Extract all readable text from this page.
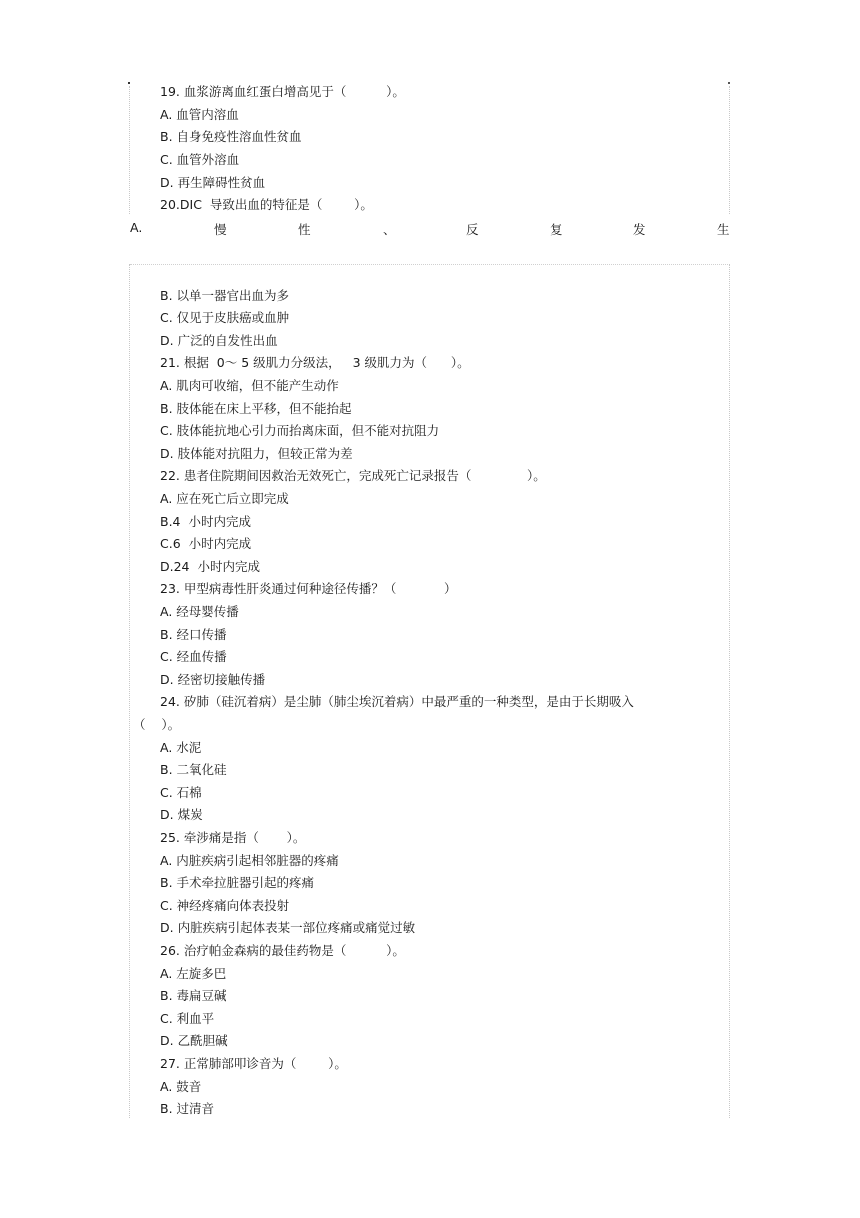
19. 血浆游离血红蛋白增高见于（          ）。
A. 血管内溶血
B. 自身免疫性溶血性贫血
C. 血管外溶血
D. 再生障碍性贫血
20.DIC  导致出血的特征是（        ）。
A.	慢	性	、	反	复	发	生
B. 以单一器官出血为多
C. 仅见于皮肤癌或血肿
D. 广泛的自发性出血
21. 根据  0～ 5 级肌力分级法，   3 级肌力为（      ）。
A. 肌肉可收缩，但不能产生动作
B. 肢体能在床上平移，但不能抬起
C. 肢体能抗地心引力而抬离床面，但不能对抗阻力
D. 肢体能对抗阻力，但较正常为差
22. 患者住院期间因救治无效死亡，完成死亡记录报告（              ）。
A. 应在死亡后立即完成
B.4  小时内完成
C.6  小时内完成
D.24  小时内完成
23. 甲型病毒性肝炎通过何种途径传播？（            ）
A. 经母婴传播
B. 经口传播
C. 经血传播
D. 经密切接触传播
24. 矽肺（硅沉着病）是尘肺（肺尘埃沉着病）中最严重的一种类型，是由于长期吸入
（    ）。
A. 水泥
B. 二氧化硅
C. 石棉
D. 煤炭
25. 牵涉痛是指（       ）。
A. 内脏疾病引起相邻脏器的疼痛
B. 手术牵拉脏器引起的疼痛
C. 神经疼痛向体表投射
D. 内脏疾病引起体表某一部位疼痛或痛觉过敏
26. 治疗帕金森病的最佳药物是（          ）。
A. 左旋多巴
B. 毒扁豆碱
C. 利血平
D. 乙酰胆碱
27. 正常肺部叩诊音为（        ）。
A. 鼓音
B. 过清音
